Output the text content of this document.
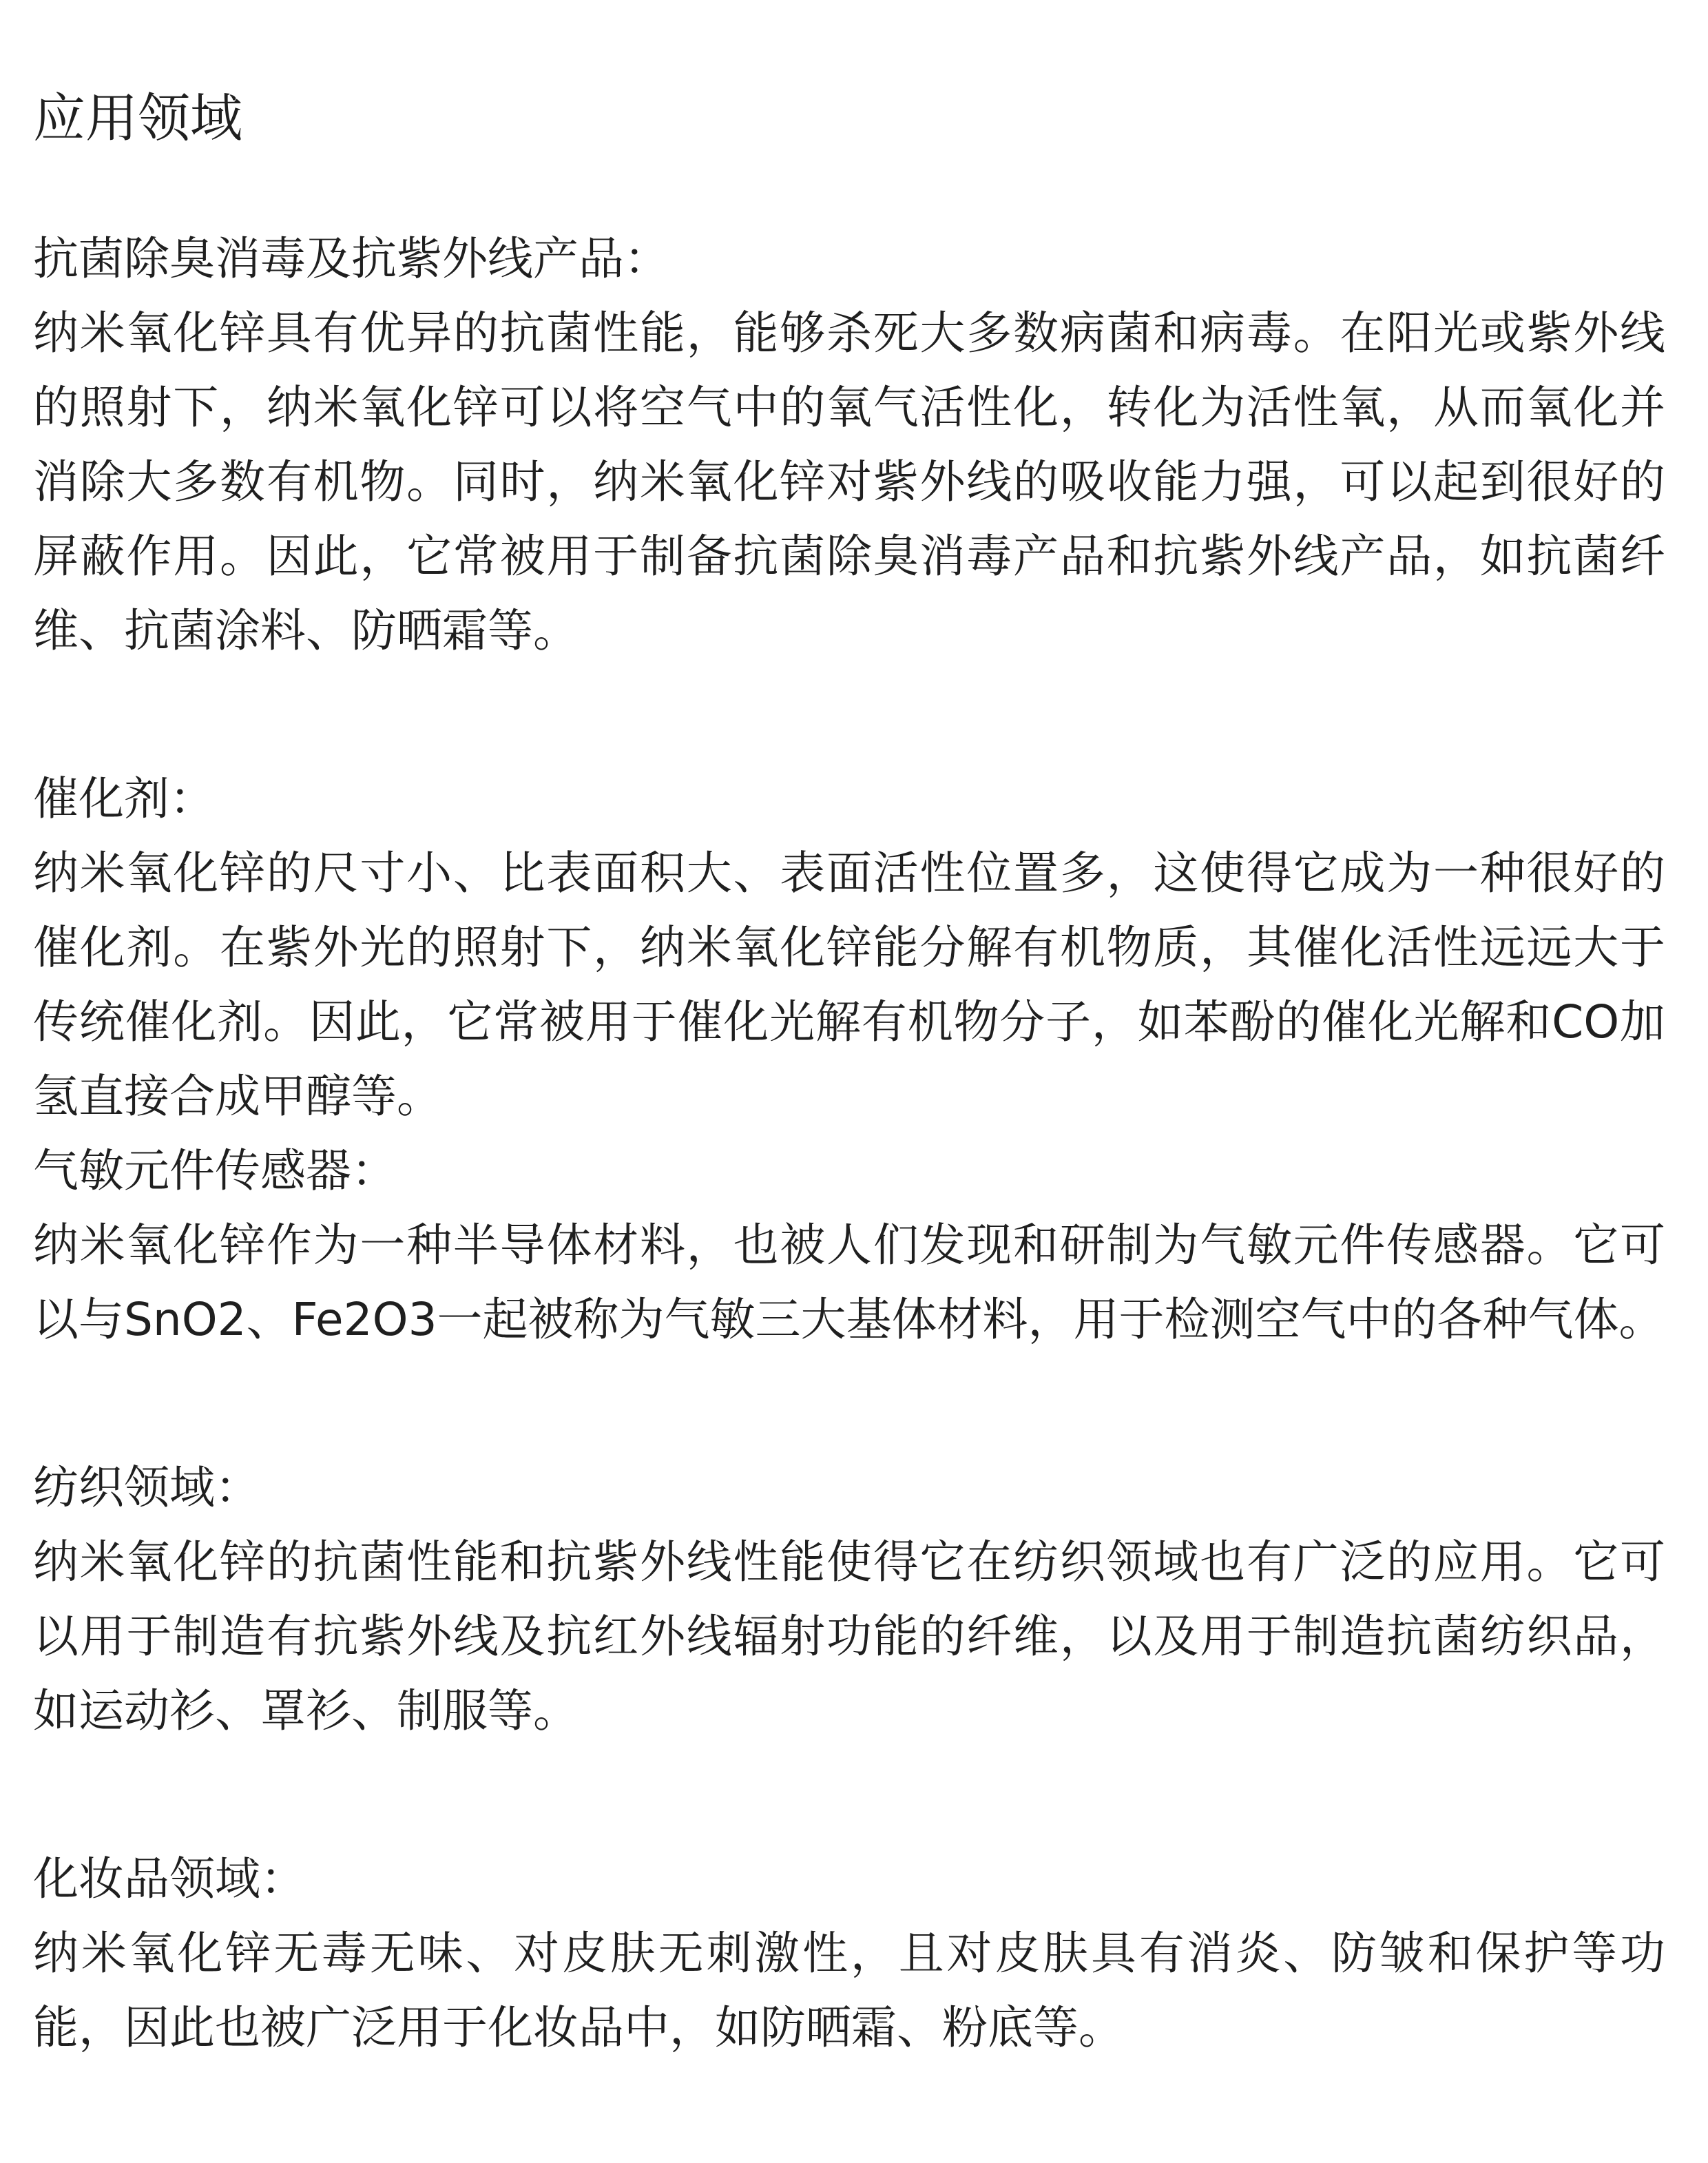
应用领域

抗菌除臭消毒及抗紫外线产品：

纳米氧化锌具有优异的抗菌性能，能够杀死大多数病菌和病毒。在阳光或紫外线的照射下，纳米氧化锌可以将空气中的氧气活性化，转化为活性氧，从而氧化并消除大多数有机物。同时，纳米氧化锌对紫外线的吸收能力强，可以起到很好的屏蔽作用。因此，它常被用于制备抗菌除臭消毒产品和抗紫外线产品，如抗菌纤维、抗菌涂料、防晒霜等。

催化剂：

纳米氧化锌的尺寸小、比表面积大、表面活性位置多，这使得它成为一种很好的催化剂。在紫外光的照射下，纳米氧化锌能分解有机物质，其催化活性远远大于传统催化剂。因此，它常被用于催化光解有机物分子，如苯酚的催化光解和CO加氢直接合成甲醇等。

气敏元件传感器：

纳米氧化锌作为一种半导体材料，也被人们发现和研制为气敏元件传感器。它可以与SnO2、Fe2O3一起被称为气敏三大基体材料，用于检测空气中的各种气体。

纺织领域：

纳米氧化锌的抗菌性能和抗紫外线性能使得它在纺织领域也有广泛的应用。它可以用于制造有抗紫外线及抗红外线辐射功能的纤维，以及用于制造抗菌纺织品，如运动衫、罩衫、制服等。

化妆品领域：

纳米氧化锌无毒无味、对皮肤无刺激性，且对皮肤具有消炎、防皱和保护等功能，因此也被广泛用于化妆品中，如防晒霜、粉底等。
